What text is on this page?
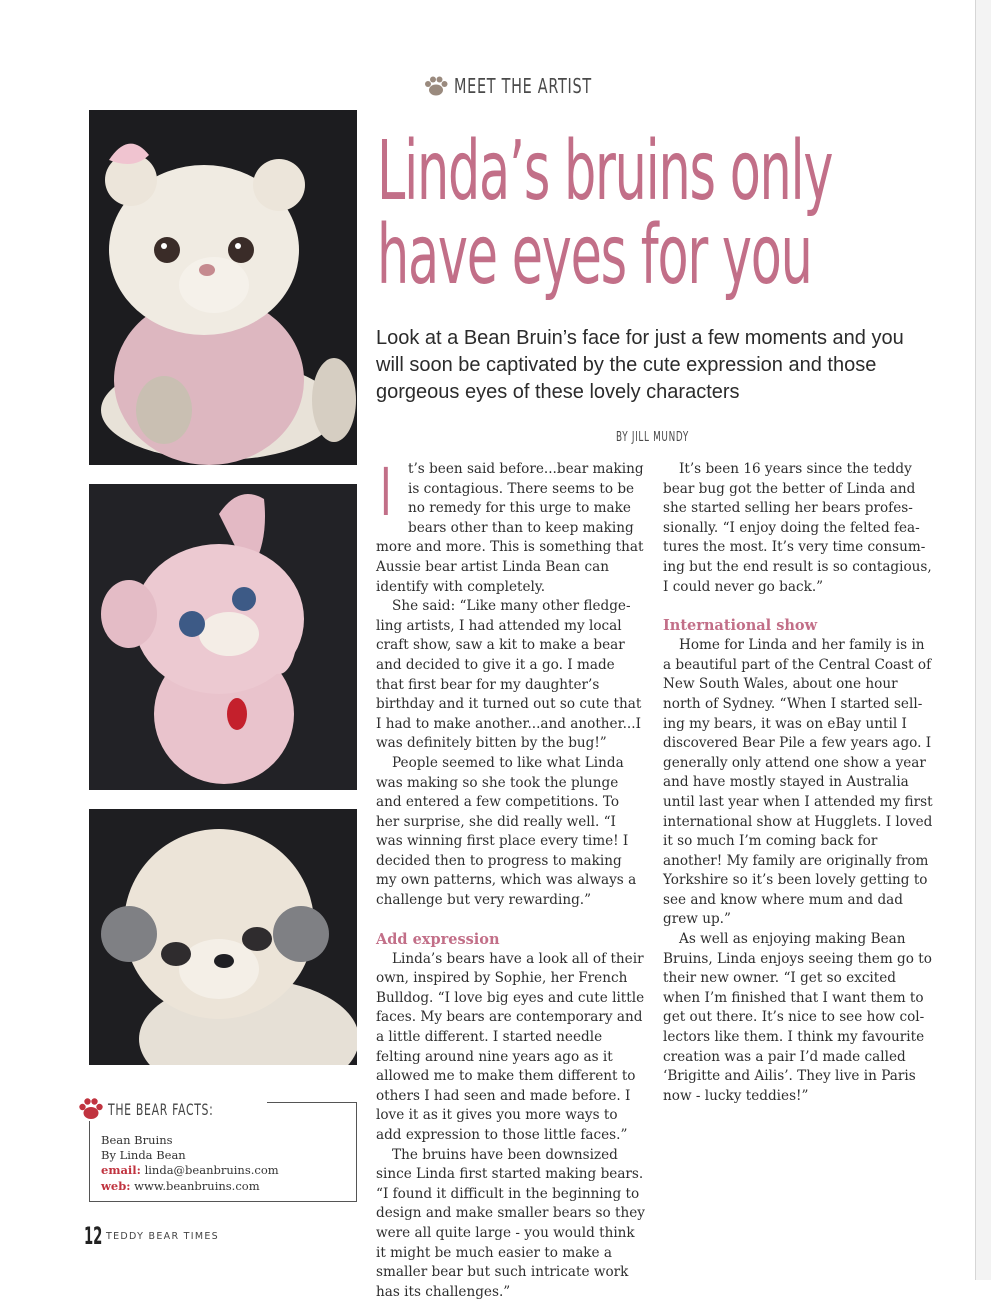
MEET THE ARTIST
Linda’s bruins only
have eyes for you

Look at a Bean Bruin’s face for just a few moments and you will soon be captivated by the cute expression and those gorgeous eyes of these lovely characters

BY JILL MUNDY

I t’s been said before...bear making is contagious. There seems to be no remedy for this urge to make bears other than to keep making more and more. This is something that Aussie bear artist Linda Bean can identify with completely.

She said: “Like many other fledgeling artists, I had attended my local craft show, saw a kit to make a bear and decided to give it a go. I made that first bear for my daughter’s birthday and it turned out so cute that I had to make another...and another...I was definitely bitten by the bug!”

People seemed to like what Linda was making so she took the plunge and entered a few competitions. To her surprise, she did really well. “I was winning first place every time! I decided then to progress to making my own patterns, which was always a challenge but very rewarding.”

Add expression

Linda’s bears have a look all of their own, inspired by Sophie, her French Bulldog. “I love big eyes and cute little faces. My bears are contemporary and a little different. I started needle felting around nine years ago as it allowed me to make them different to others I had seen and made before. I love it as it gives you more ways to add expression to those little faces.”

The bruins have been downsized since Linda first started making bears. “I found it difficult in the beginning to design and make smaller bears so they were all quite large - you would think it might be much easier to make a smaller bear but such intricate work has its challenges.”

It’s been 16 years since the teddy bear bug got the better of Linda and she started selling her bears professionally. “I enjoy doing the felted features the most. It’s very time consuming but the end result is so contagious, I could never go back.”

International show

Home for Linda and her family is in a beautiful part of the Central Coast of New South Wales, about one hour north of Sydney. “When I started selling my bears, it was on eBay until I discovered Bear Pile a few years ago. I generally only attend one show a year and have mostly stayed in Australia until last year when I attended my first international show at Hugglets. I loved it so much I’m coming back for another! My family are originally from Yorkshire so it’s been lovely getting to see and know where mum and dad grew up.”

As well as enjoying making Bean Bruins, Linda enjoys seeing them go to their new owner. “I get so excited when I’m finished that I want them to get out there. It’s nice to see how collectors like them. I think my favourite creation was a pair I’d made called ‘Brigitte and Ailis’. They live in Paris now - lucky teddies!”

THE BEAR FACTS:
Bean Bruins
By Linda Bean
email: linda@beanbruins.com
web: www.beanbruins.com
12 TEDDY BEAR TIMES
